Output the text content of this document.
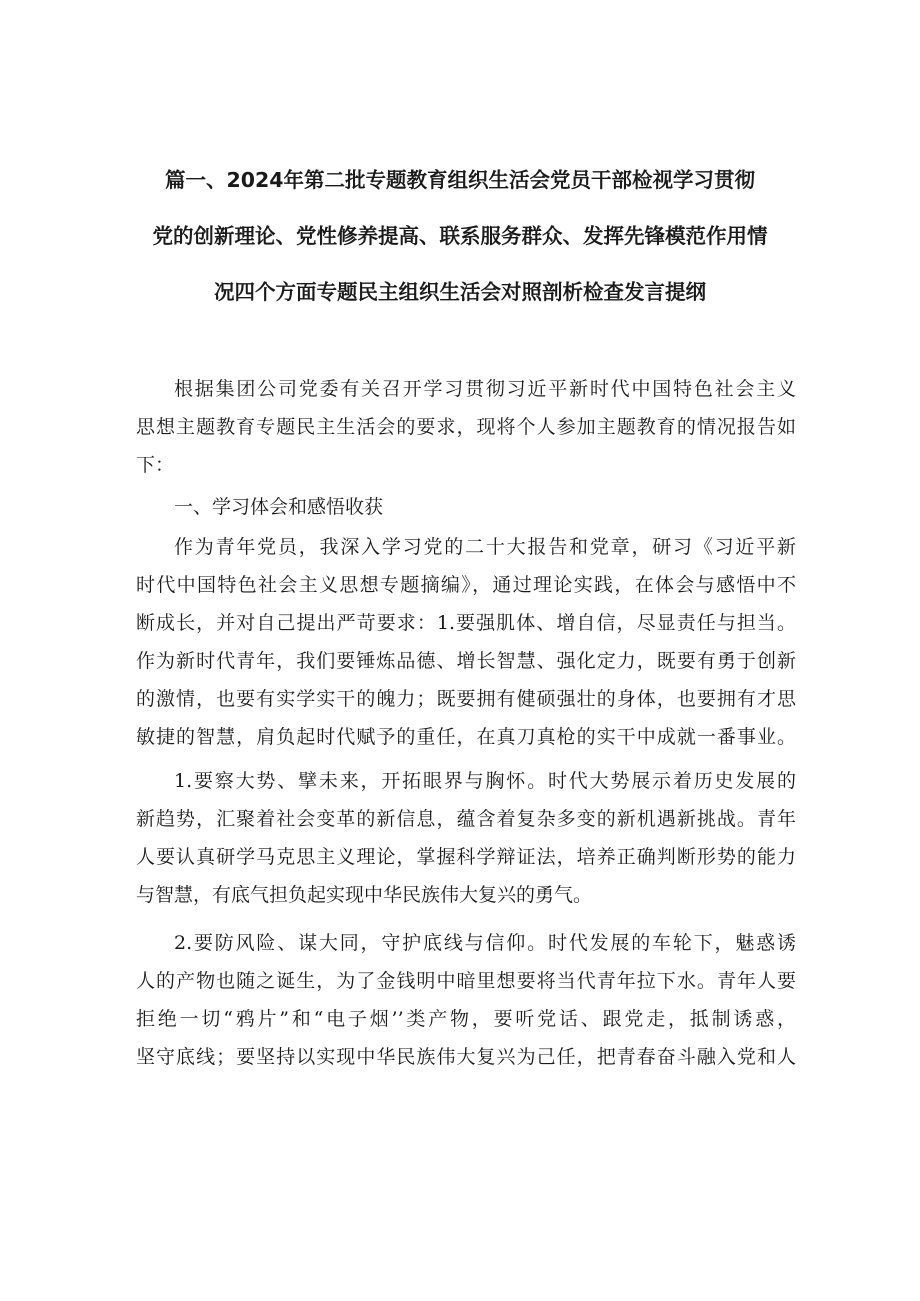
篇一、2024年第二批专题教育组织生活会党员干部检视学习贯彻
党的创新理论、党性修养提高、联系服务群众、发挥先锋模范作用情
况四个方面专题民主组织生活会对照剖析检查发言提纲
根据集团公司党委有关召开学习贯彻习近平新时代中国特色社会主义
思想主题教育专题民主生活会的要求，现将个人参加主题教育的情况报告如
下：
一、学习体会和感悟收获
作为青年党员，我深入学习党的二十大报告和党章，研习《习近平新
时代中国特色社会主义思想专题摘编》，通过理论实践，在体会与感悟中不
断成长，并对自己提出严苛要求：1.要强肌体、增自信，尽显责任与担当。
作为新时代青年，我们要锤炼品德、增长智慧、强化定力，既要有勇于创新
的激情，也要有实学实干的魄力；既要拥有健硕强壮的身体，也要拥有才思
敏捷的智慧，肩负起时代赋予的重任，在真刀真枪的实干中成就一番事业。
1.要察大势、擘未来，开拓眼界与胸怀。时代大势展示着历史发展的
新趋势，汇聚着社会变革的新信息，蕴含着复杂多变的新机遇新挑战。青年
人要认真研学马克思主义理论，掌握科学辩证法，培养正确判断形势的能力
与智慧，有底气担负起实现中华民族伟大复兴的勇气。
2.要防风险、谋大同，守护底线与信仰。时代发展的车轮下，魅惑诱
人的产物也随之诞生，为了金钱明中暗里想要将当代青年拉下水。青年人要
拒绝一切“鸦片”和“电子烟’’类产物，要听党话、跟党走，抵制诱惑，
坚守底线；要坚持以实现中华民族伟大复兴为己任，把青春奋斗融入党和人
